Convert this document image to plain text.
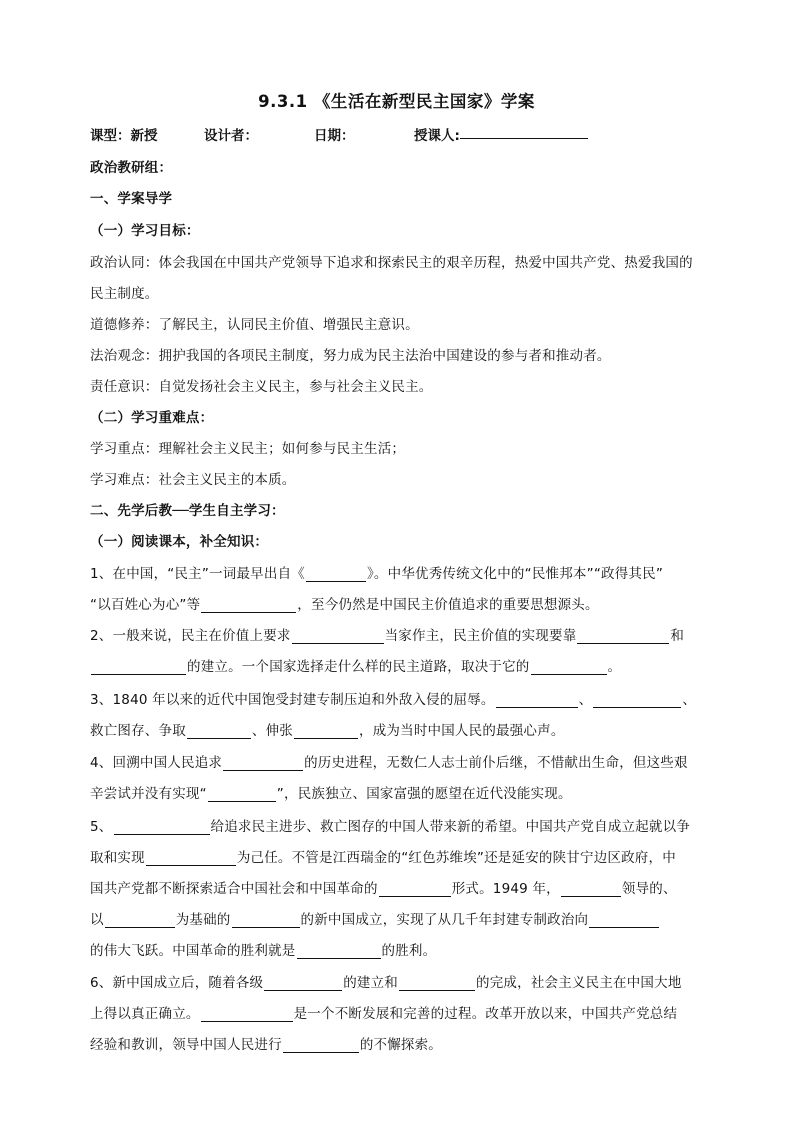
9.3.1 《生活在新型民主国家》学案
课型：新授	设计者：	日期：	授课人:
政治教研组：
一、学案导学
（一）学习目标：
政治认同：体会我国在中国共产党领导下追求和探索民主的艰辛历程，热爱中国共产党、热爱我国的
民主制度。
道德修养：了解民主，认同民主价值、增强民主意识。
法治观念：拥护我国的各项民主制度，努力成为民主法治中国建设的参与者和推动者。
责任意识：自觉发扬社会主义民主，参与社会主义民主。
（二）学习重难点：
学习重点：理解社会主义民主；如何参与民主生活；
学习难点：社会主义民主的本质。
二、先学后教──学生自主学习：
（一）阅读课本，补全知识：
1、在中国，“民主”一词最早出自《	》。中华优秀传统文化中的“民惟邦本”“政得其民”
“以百姓心为心”等	，至今仍然是中国民主价值追求的重要思想源头。
2、一般来说，民主在价值上要求	当家作主，民主价值的实现要靠	和
的建立。一个国家选择走什么样的民主道路，取决于它的	。
3、1840 年以来的近代中国饱受封建专制压迫和外敌入侵的屈辱。	、	、
救亡图存、争取	、伸张	，成为当时中国人民的最强心声。
4、回溯中国人民追求	的历史进程，无数仁人志士前仆后继，不惜献出生命，但这些艰
辛尝试并没有实现“	”，民族独立、国家富强的愿望在近代没能实现。
5、	给追求民主进步、救亡图存的中国人带来新的希望。中国共产党自成立起就以争
取和实现	为己任。不管是江西瑞金的“红色苏维埃”还是延安的陕甘宁边区政府，中
国共产党都不断探索适合中国社会和中国革命的	形式。1949 年，	领导的、
以	为基础的	的新中国成立，实现了从几千年封建专制政治向
的伟大飞跃。中国革命的胜利就是	的胜利。
6、新中国成立后，随着各级	的建立和	的完成，社会主义民主在中国大地
上得以真正确立。	是一个不断发展和完善的过程。改革开放以来，中国共产党总结
经验和教训，领导中国人民进行	的不懈探索。
